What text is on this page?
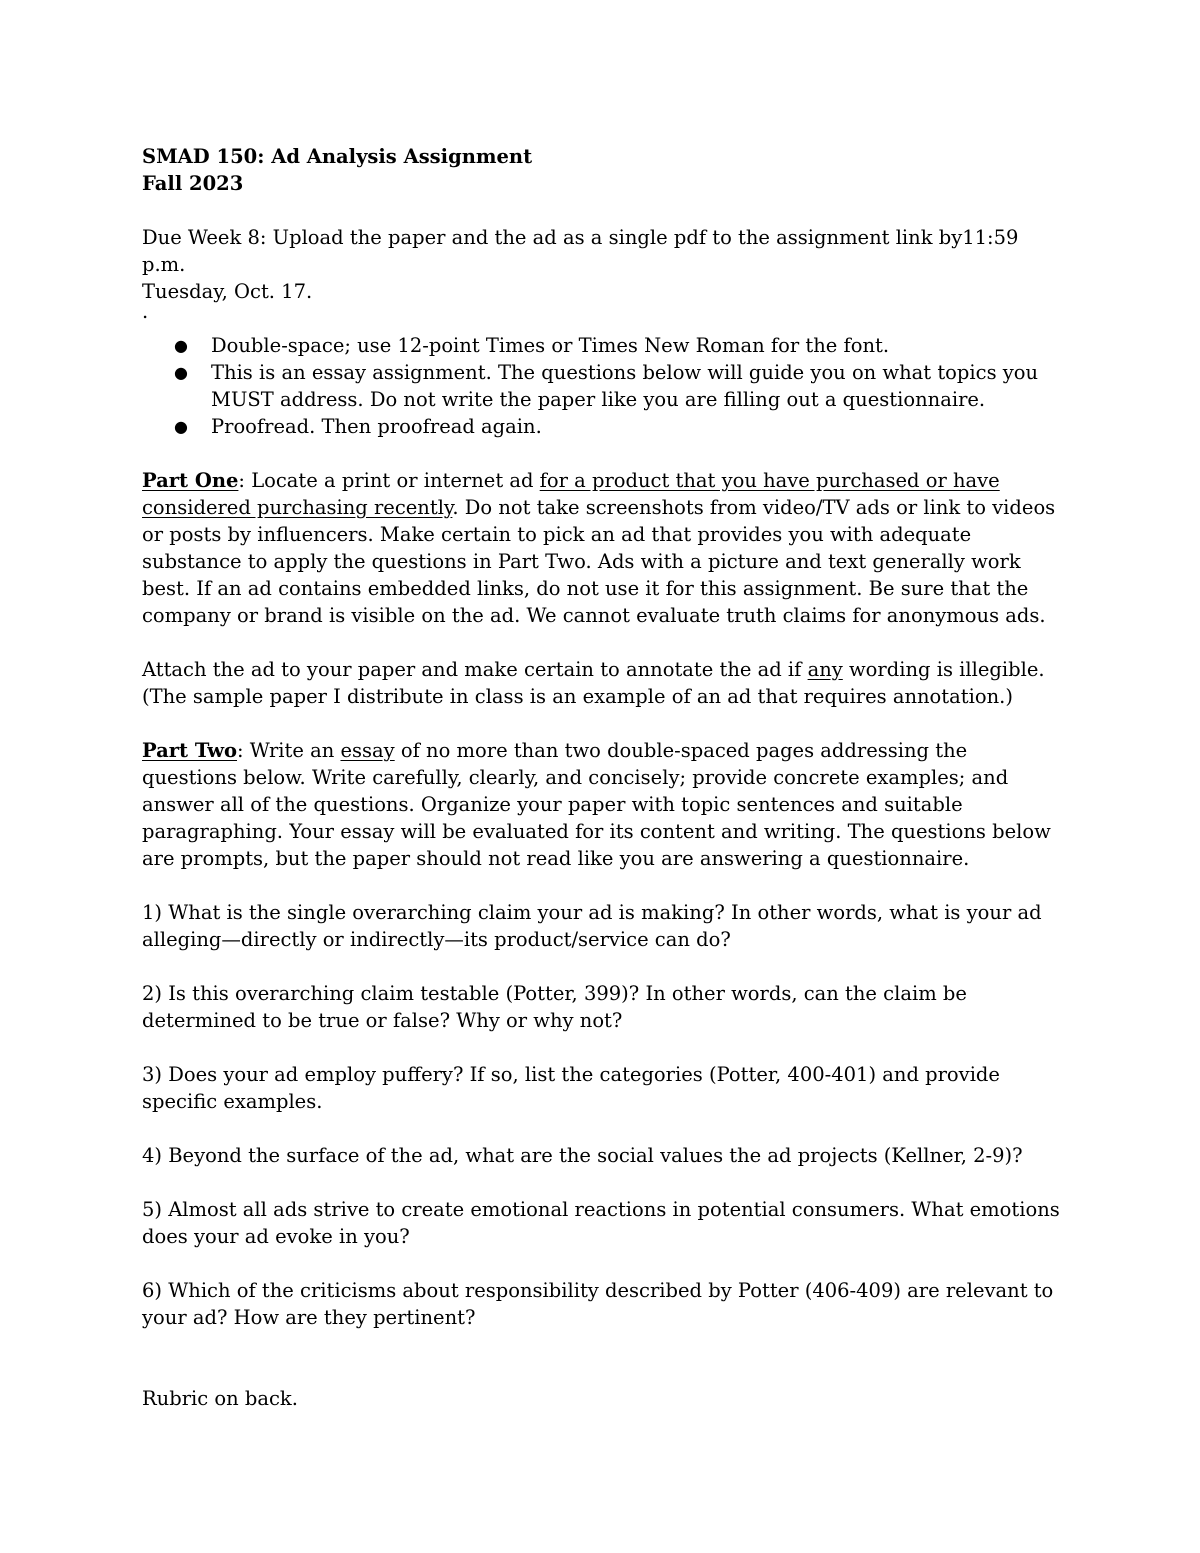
SMAD 150: Ad Analysis Assignment

Fall 2023

Due Week 8: Upload the paper and the ad as a single pdf to the assignment link by11:59 p.m.

Tuesday, Oct. 17.

.
● Double-space; use 12-point Times or Times New Roman for the font.
● This is an essay assignment. The questions below will guide you on what topics you MUST address. Do not write the paper like you are filling out a questionnaire.
● Proofread. Then proofread again.

Part One: Locate a print or internet ad for a product that you have purchased or have considered purchasing recently. Do not take screenshots from video/TV ads or link to videos or posts by influencers. Make certain to pick an ad that provides you with adequate substance to apply the questions in Part Two. Ads with a picture and text generally work best. If an ad contains embedded links, do not use it for this assignment. Be sure that the company or brand is visible on the ad. We cannot evaluate truth claims for anonymous ads.

Attach the ad to your paper and make certain to annotate the ad if any wording is illegible. (The sample paper I distribute in class is an example of an ad that requires annotation.)

Part Two: Write an essay of no more than two double-spaced pages addressing the questions below. Write carefully, clearly, and concisely; provide concrete examples; and answer all of the questions. Organize your paper with topic sentences and suitable paragraphing. Your essay will be evaluated for its content and writing. The questions below are prompts, but the paper should not read like you are answering a questionnaire.

1) What is the single overarching claim your ad is making? In other words, what is your ad alleging—directly or indirectly—its product/service can do?

2) Is this overarching claim testable (Potter, 399)? In other words, can the claim be determined to be true or false? Why or why not?

3) Does your ad employ puffery? If so, list the categories (Potter, 400-401) and provide specific examples.

4) Beyond the surface of the ad, what are the social values the ad projects (Kellner, 2-9)?

5) Almost all ads strive to create emotional reactions in potential consumers. What emotions does your ad evoke in you?

6) Which of the criticisms about responsibility described by Potter (406-409) are relevant to your ad? How are they pertinent?

Rubric on back.
